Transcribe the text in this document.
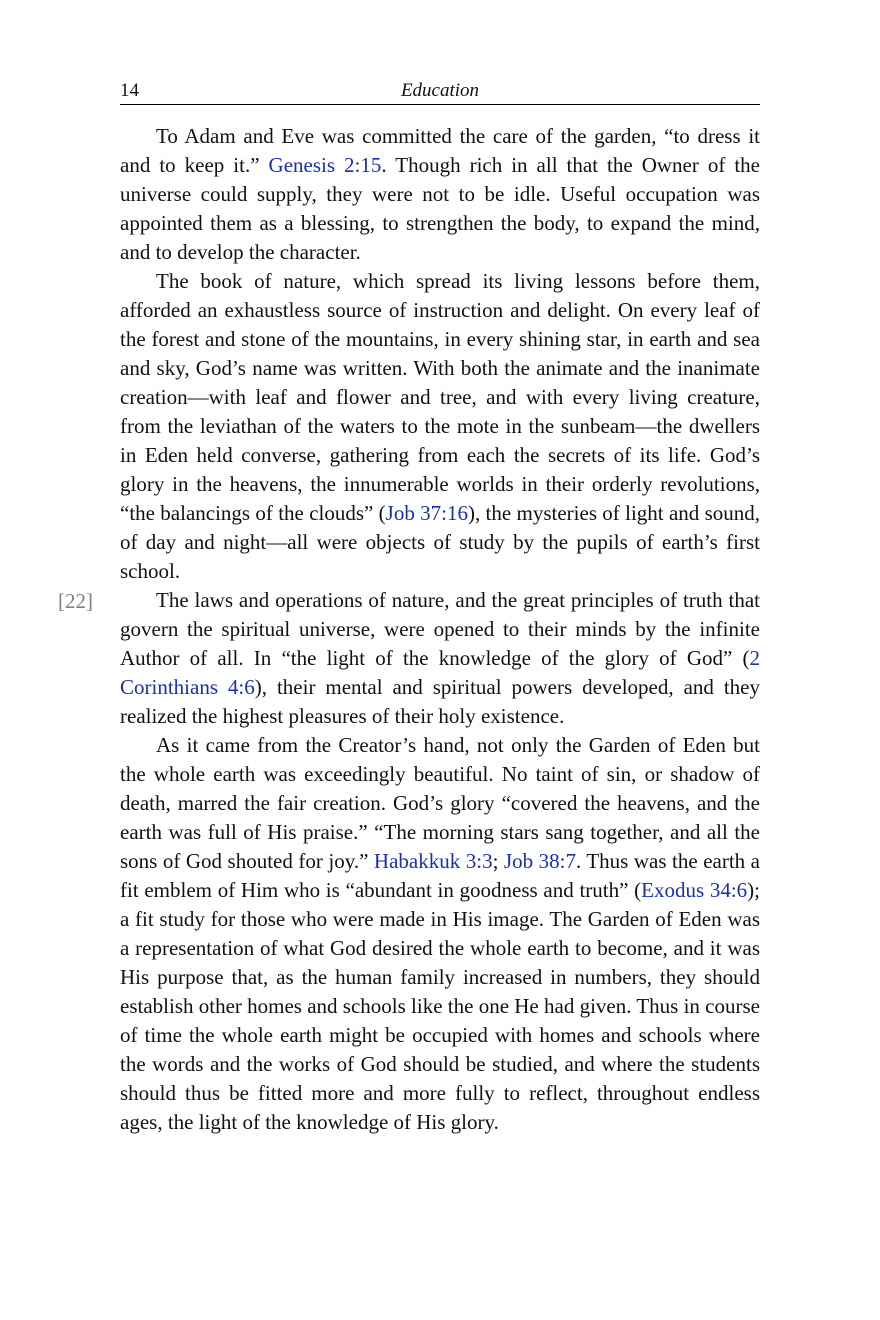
14	Education
[22]

To Adam and Eve was committed the care of the garden, “to dress it and to keep it.” Genesis 2:15. Though rich in all that the Owner of the universe could supply, they were not to be idle. Useful occupation was appointed them as a blessing, to strengthen the body, to expand the mind, and to develop the character.

The book of nature, which spread its living lessons before them, afforded an exhaustless source of instruction and delight. On every leaf of the forest and stone of the mountains, in every shining star, in earth and sea and sky, God’s name was written. With both the animate and the inanimate creation—with leaf and flower and tree, and with every living creature, from the leviathan of the waters to the mote in the sunbeam—the dwellers in Eden held converse, gathering from each the secrets of its life. God’s glory in the heavens, the innumerable worlds in their orderly revolutions, “the balancings of the clouds” (Job 37:16), the mysteries of light and sound, of day and night—all were objects of study by the pupils of earth’s first school.

The laws and operations of nature, and the great principles of truth that govern the spiritual universe, were opened to their minds by the infinite Author of all. In “the light of the knowledge of the glory of God” (2 Corinthians 4:6), their mental and spiritual powers developed, and they realized the highest pleasures of their holy existence.

As it came from the Creator’s hand, not only the Garden of Eden but the whole earth was exceedingly beautiful. No taint of sin, or shadow of death, marred the fair creation. God’s glory “covered the heavens, and the earth was full of His praise.” “The morning stars sang together, and all the sons of God shouted for joy.” Habakkuk 3:3; Job 38:7. Thus was the earth a fit emblem of Him who is “abundant in goodness and truth” (Exodus 34:6); a fit study for those who were made in His image. The Garden of Eden was a representation of what God desired the whole earth to become, and it was His purpose that, as the human family increased in numbers, they should establish other homes and schools like the one He had given. Thus in course of time the whole earth might be occupied with homes and schools where the words and the works of God should be studied, and where the students should thus be fitted more and more fully to reflect, throughout endless ages, the light of the knowledge of His glory.
